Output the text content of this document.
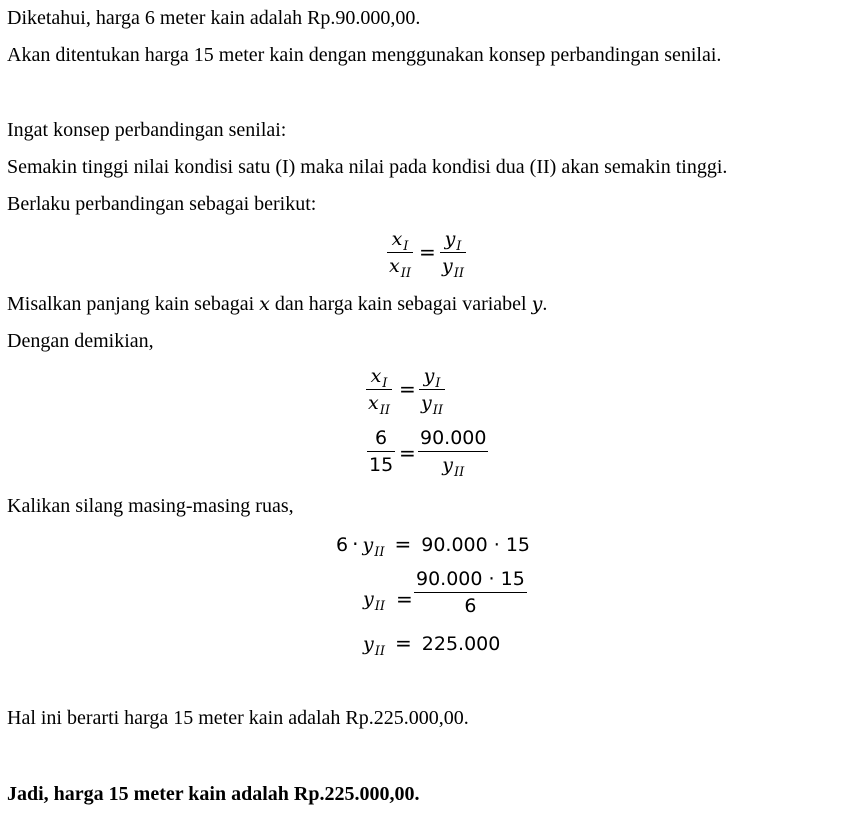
Diketahui, harga 6 meter kain adalah Rp.90.000,00.
Akan ditentukan harga 15 meter kain dengan menggunakan konsep perbandingan senilai.
Ingat konsep perbandingan senilai:
Semakin tinggi nilai kondisi satu (I) maka nilai pada kondisi dua (II) akan semakin tinggi.
Berlaku perbandingan sebagai berikut:
$x_I$
$x_{II}$
=
$y_I$
$y_{II}$
Misalkan panjang kain sebagai x dan harga kain sebagai variabel y.
Dengan demikian,
$x_I$
$x_{II}$
=
$y_I$
$y_{II}$
6
15 =
90.000
$y_{II}$
Kalikan silang masing-masing ruas,
$6 \cdot y_{II} = 90.000 \cdot 15$
$y_{II}$ =
90.000 · 15
6
$y_{II} = 225.000$
Hal ini berarti harga 15 meter kain adalah Rp.225.000,00.
Jadi, harga 15 meter kain adalah Rp.225.000,00.
